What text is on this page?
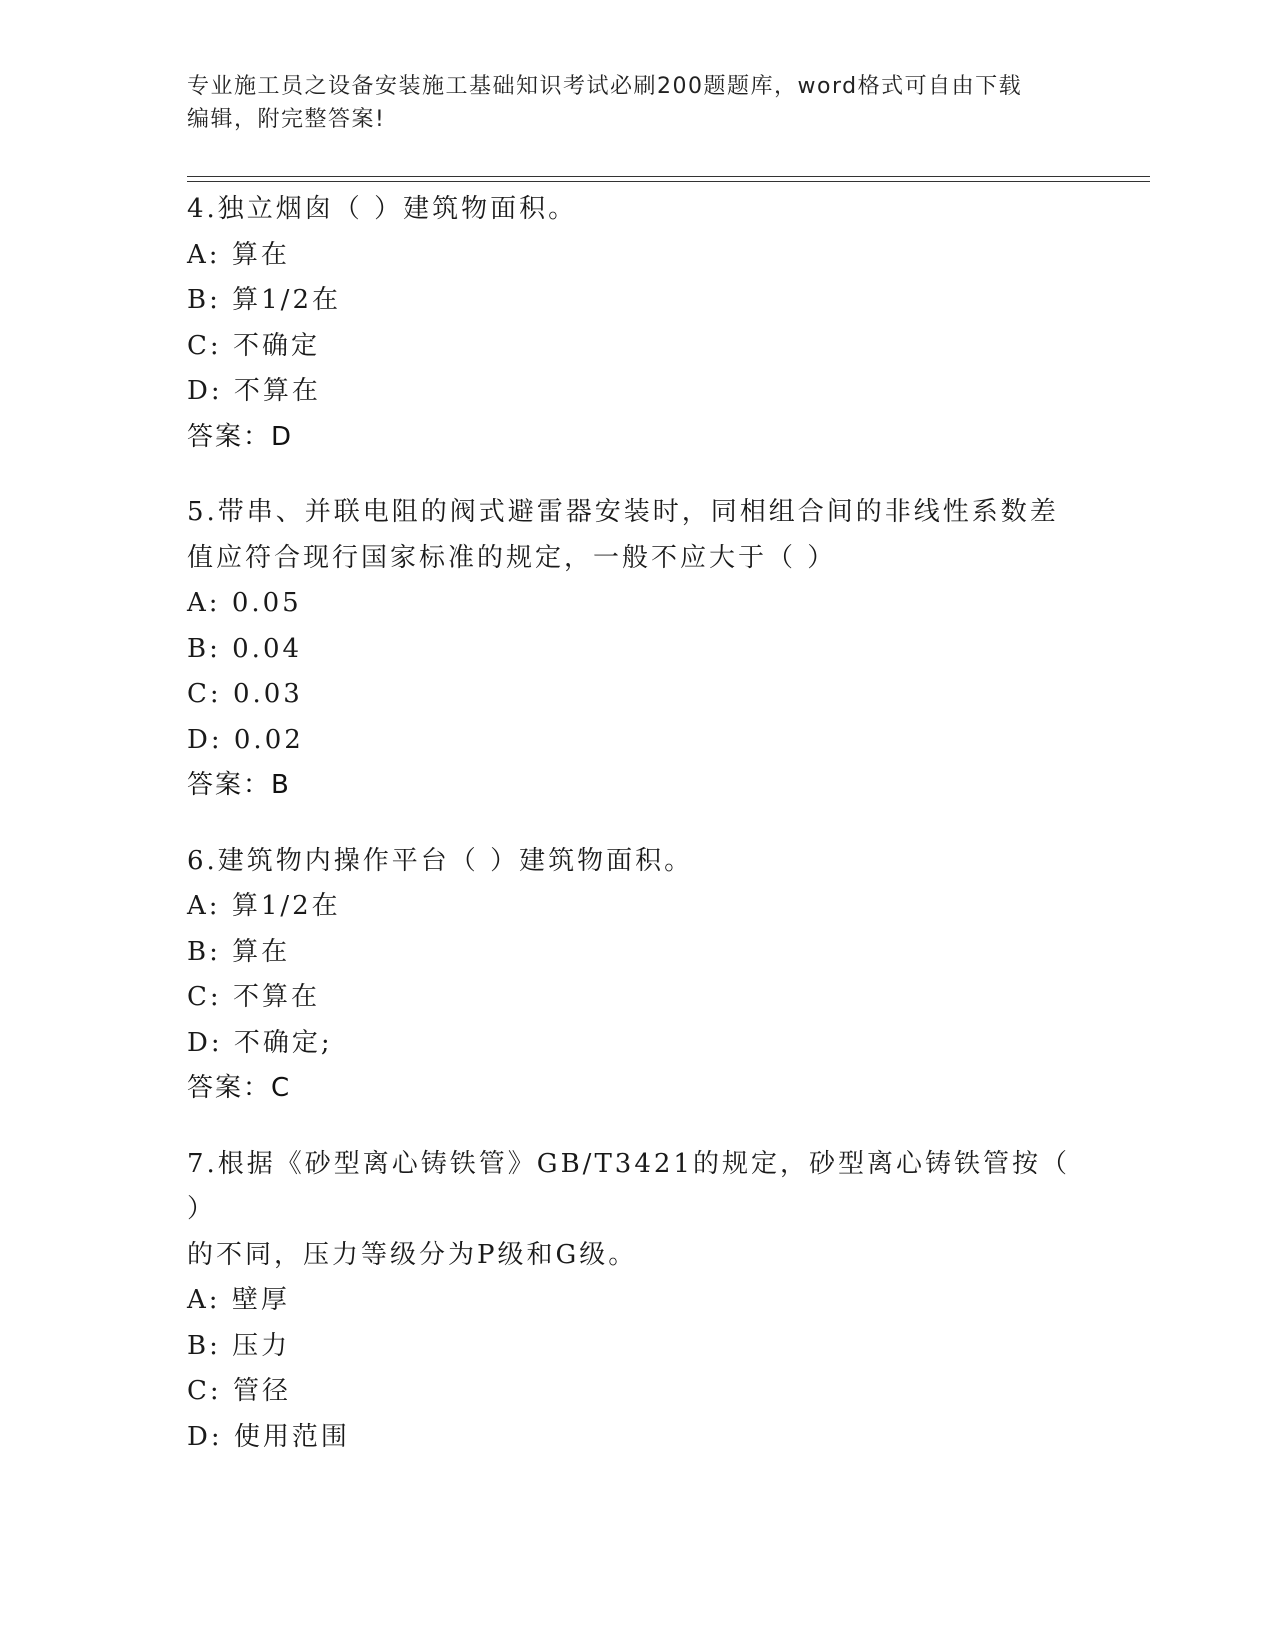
专业施工员之设备安装施工基础知识考试必刷200题题库，word格式可自由下载
编辑，附完整答案!
4.独立烟囱（ ）建筑物面积。
A: 算在
B: 算1/2在
C: 不确定
D: 不算在
答案：D
5.带串、并联电阻的阀式避雷器安装时，同相组合间的非线性系数差
值应符合现行国家标准的规定，一般不应大于（ ）
A: 0.05
B: 0.04
C: 0.03
D: 0.02
答案：B
6.建筑物内操作平台（ ）建筑物面积。
A: 算1/2在
B: 算在
C: 不算在
D: 不确定;
答案：C
7.根据《砂型离心铸铁管》GB/T3421的规定，砂型离心铸铁管按（ ）
的不同，压力等级分为P级和G级。
A: 壁厚
B: 压力
C: 管径
D: 使用范围
